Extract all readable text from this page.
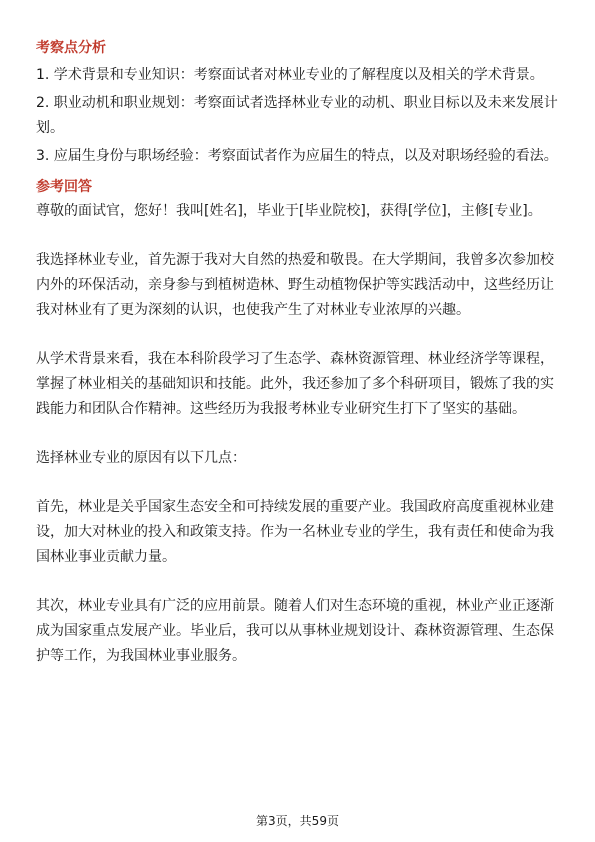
考察点分析

1. 学术背景和专业知识：考察面试者对林业专业的了解程度以及相关的学术背景。

2. 职业动机和职业规划：考察面试者选择林业专业的动机、职业目标以及未来发展计划。

3. 应届生身份与职场经验：考察面试者作为应届生的特点，以及对职场经验的看法。

参考回答

尊敬的面试官，您好！我叫[姓名]，毕业于[毕业院校]，获得[学位]，主修[专业]。

我选择林业专业，首先源于我对大自然的热爱和敬畏。在大学期间，我曾多次参加校内外的环保活动，亲身参与到植树造林、野生动植物保护等实践活动中，这些经历让我对林业有了更为深刻的认识，也使我产生了对林业专业浓厚的兴趣。

从学术背景来看，我在本科阶段学习了生态学、森林资源管理、林业经济学等课程，掌握了林业相关的基础知识和技能。此外，我还参加了多个科研项目，锻炼了我的实践能力和团队合作精神。这些经历为我报考林业专业研究生打下了坚实的基础。

选择林业专业的原因有以下几点：

首先，林业是关乎国家生态安全和可持续发展的重要产业。我国政府高度重视林业建设，加大对林业的投入和政策支持。作为一名林业专业的学生，我有责任和使命为我国林业事业贡献力量。

其次，林业专业具有广泛的应用前景。随着人们对生态环境的重视，林业产业正逐渐成为国家重点发展产业。毕业后，我可以从事林业规划设计、森林资源管理、生态保护等工作，为我国林业事业服务。

第3页，共59页
